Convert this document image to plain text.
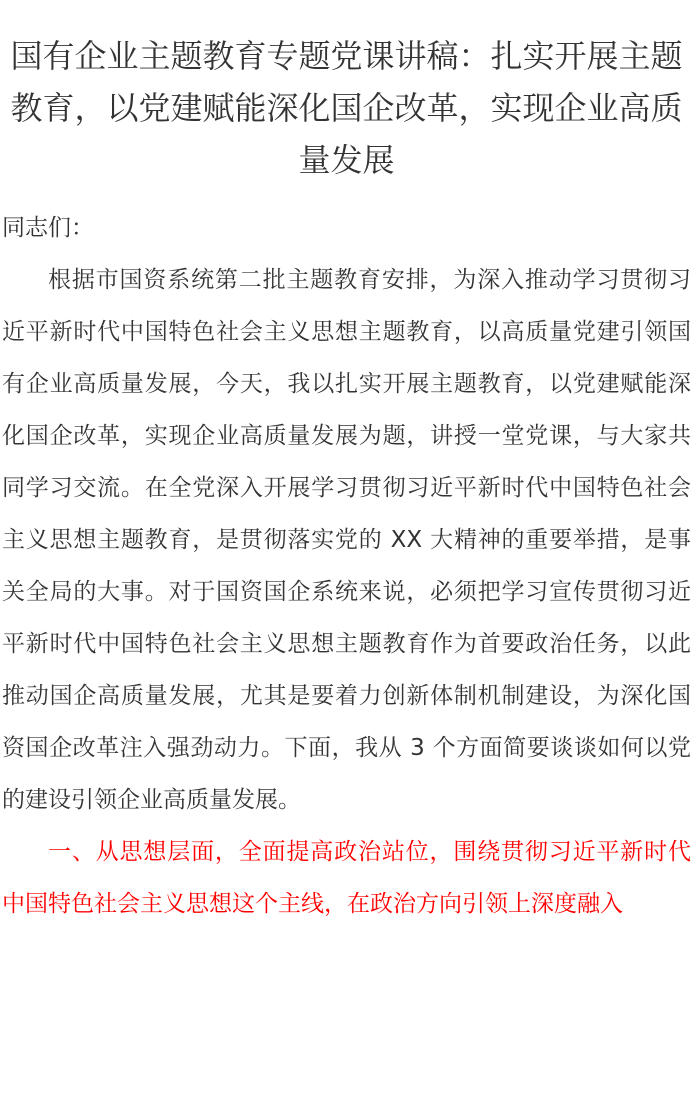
国有企业主题教育专题党课讲稿：扎实开展主题教育，以党建赋能深化国企改革，实现企业高质量发展

同志们：

根据市国资系统第二批主题教育安排，为深入推动学习贯彻习近平新时代中国特色社会主义思想主题教育，以高质量党建引领国有企业高质量发展，今天，我以扎实开展主题教育，以党建赋能深化国企改革，实现企业高质量发展为题，讲授一堂党课，与大家共同学习交流。在全党深入开展学习贯彻习近平新时代中国特色社会主义思想主题教育，是贯彻落实党的 XX 大精神的重要举措，是事关全局的大事。对于国资国企系统来说，必须把学习宣传贯彻习近平新时代中国特色社会主义思想主题教育作为首要政治任务，以此推动国企高质量发展，尤其是要着力创新体制机制建设，为深化国资国企改革注入强劲动力。下面，我从 3 个方面简要谈谈如何以党的建设引领企业高质量发展。

一、从思想层面，全面提高政治站位，围绕贯彻习近平新时代中国特色社会主义思想这个主线，在政治方向引领上深度融入
